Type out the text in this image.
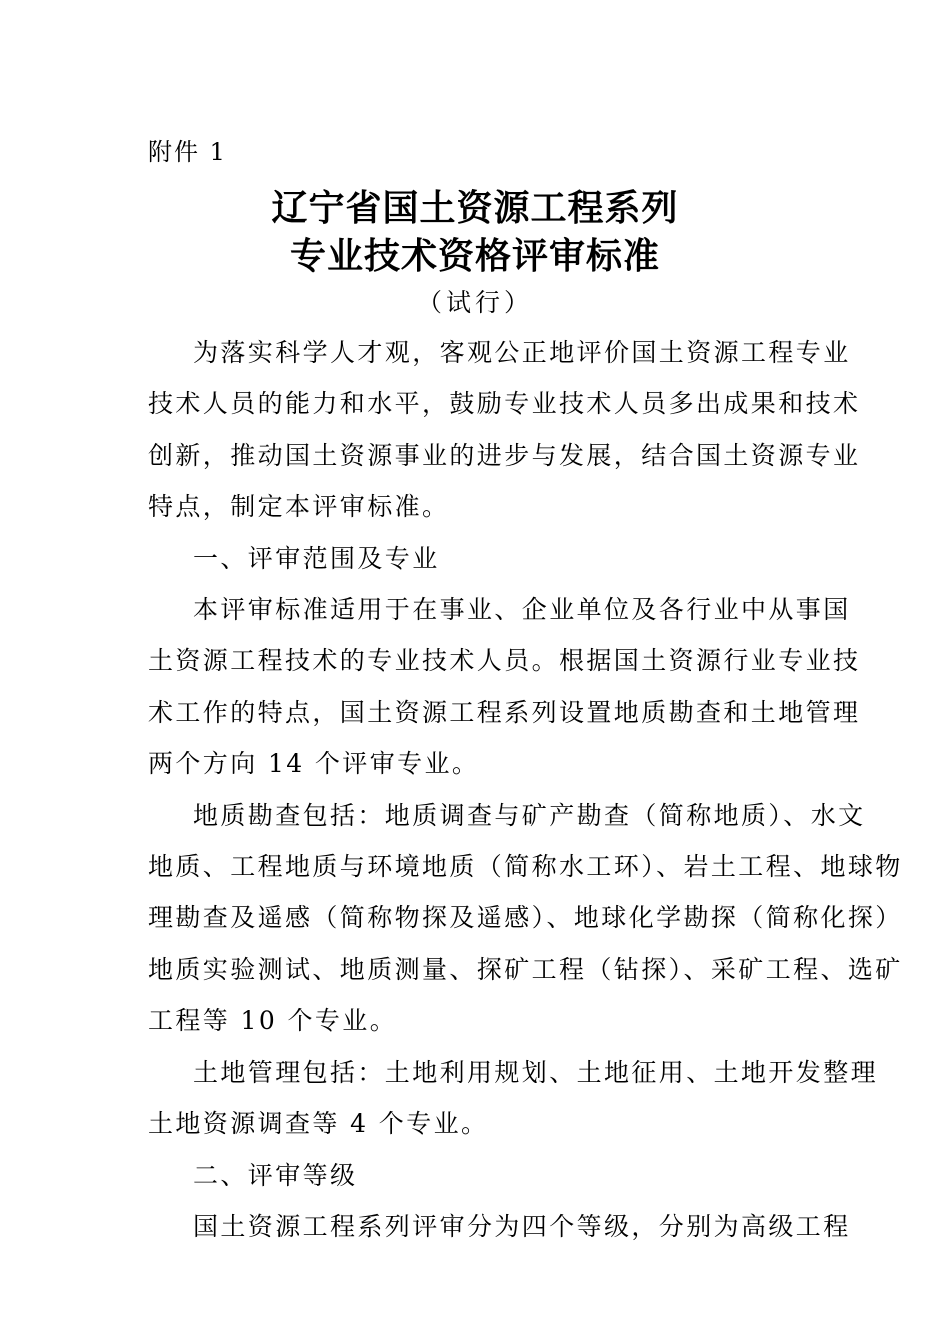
附件 1
辽宁省国土资源工程系列
专业技术资格评审标准
（试行）

为落实科学人才观，客观公正地评价国土资源工程专业
技术人员的能力和水平，鼓励专业技术人员多出成果和技术
创新，推动国土资源事业的进步与发展，结合国土资源专业
特点，制定本评审标准。

一、评审范围及专业

本评审标准适用于在事业、企业单位及各行业中从事国
土资源工程技术的专业技术人员。根据国土资源行业专业技
术工作的特点，国土资源工程系列设置地质勘查和土地管理
两个方向 14 个评审专业。

地质勘查包括：地质调查与矿产勘查（简称地质）、水文
地质、工程地质与环境地质（简称水工环）、岩土工程、地球物
理勘查及遥感（简称物探及遥感）、地球化学勘探（简称化探）
地质实验测试、地质测量、探矿工程（钻探）、采矿工程、选矿
工程等 10 个专业。

土地管理包括：土地利用规划、土地征用、土地开发整理
土地资源调查等 4 个专业。

二、评审等级

国土资源工程系列评审分为四个等级，分别为高级工程
